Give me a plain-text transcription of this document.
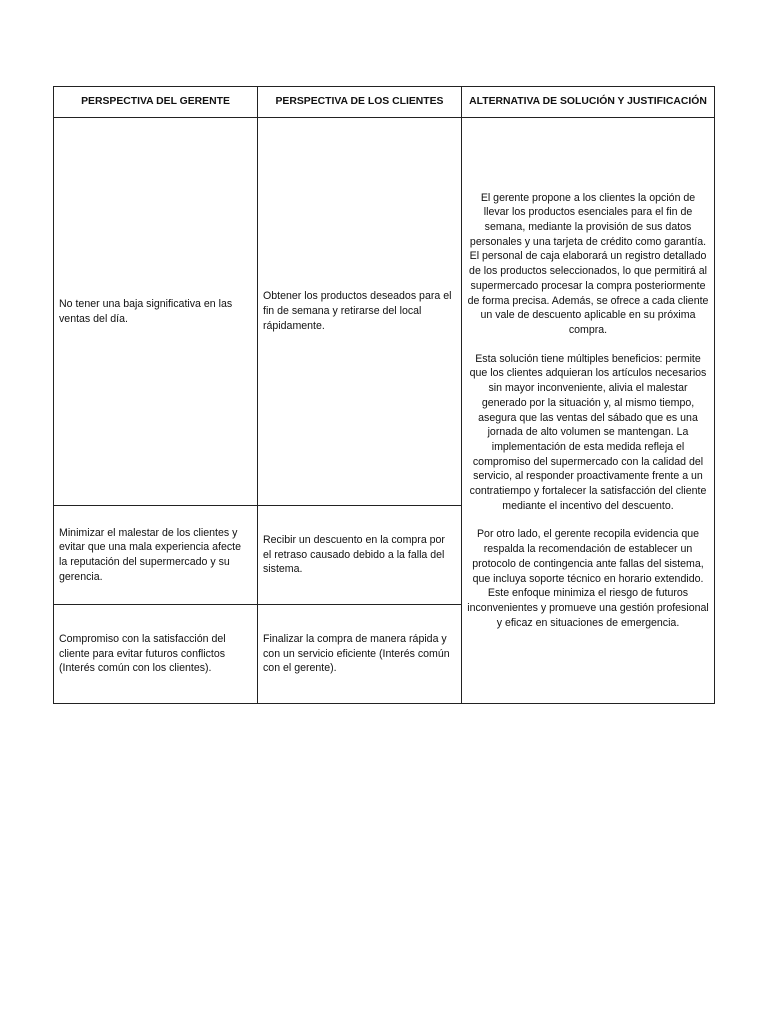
PERSPECTIVA DEL GERENTE	PERSPECTIVA DE LOS CLIENTES	ALTERNATIVA DE SOLUCIÓN Y JUSTIFICACIÓN
No tener una baja significativa en las ventas del día.	Obtener los productos deseados para el fin de semana y retirarse del local rápidamente.	El gerente propone a los clientes la opción de llevar los productos esenciales para el fin de semana, mediante la provisión de sus datos personales y una tarjeta de crédito como garantía. El personal de caja elaborará un registro detallado de los productos seleccionados, lo que permitirá al supermercado procesar la compra posteriormente de forma precisa. Además, se ofrece a cada cliente un vale de descuento aplicable en su próxima compra.

Esta solución tiene múltiples beneficios: permite que los clientes adquieran los artículos necesarios sin mayor inconveniente, alivia el malestar generado por la situación y, al mismo tiempo, asegura que las ventas del sábado que es una jornada de alto volumen se mantengan. La implementación de esta medida refleja el compromiso del supermercado con la calidad del servicio, al responder proactivamente frente a un contratiempo y fortalecer la satisfacción del cliente mediante el incentivo del descuento.

Por otro lado, el gerente recopila evidencia que respalda la recomendación de establecer un protocolo de contingencia ante fallas del sistema, que incluya soporte técnico en horario extendido. Este enfoque minimiza el riesgo de futuros inconvenientes y promueve una gestión profesional y eficaz en situaciones de emergencia.

Minimizar el malestar de los clientes y evitar que una mala experiencia afecte la reputación del supermercado y su gerencia.	Recibir un descuento en la compra por el retraso causado debido a la falla del sistema.	
Compromiso con la satisfacción del cliente para evitar futuros conflictos (Interés común con los clientes).	Finalizar la compra de manera rápida y con un servicio eficiente (Interés común con el gerente).	
